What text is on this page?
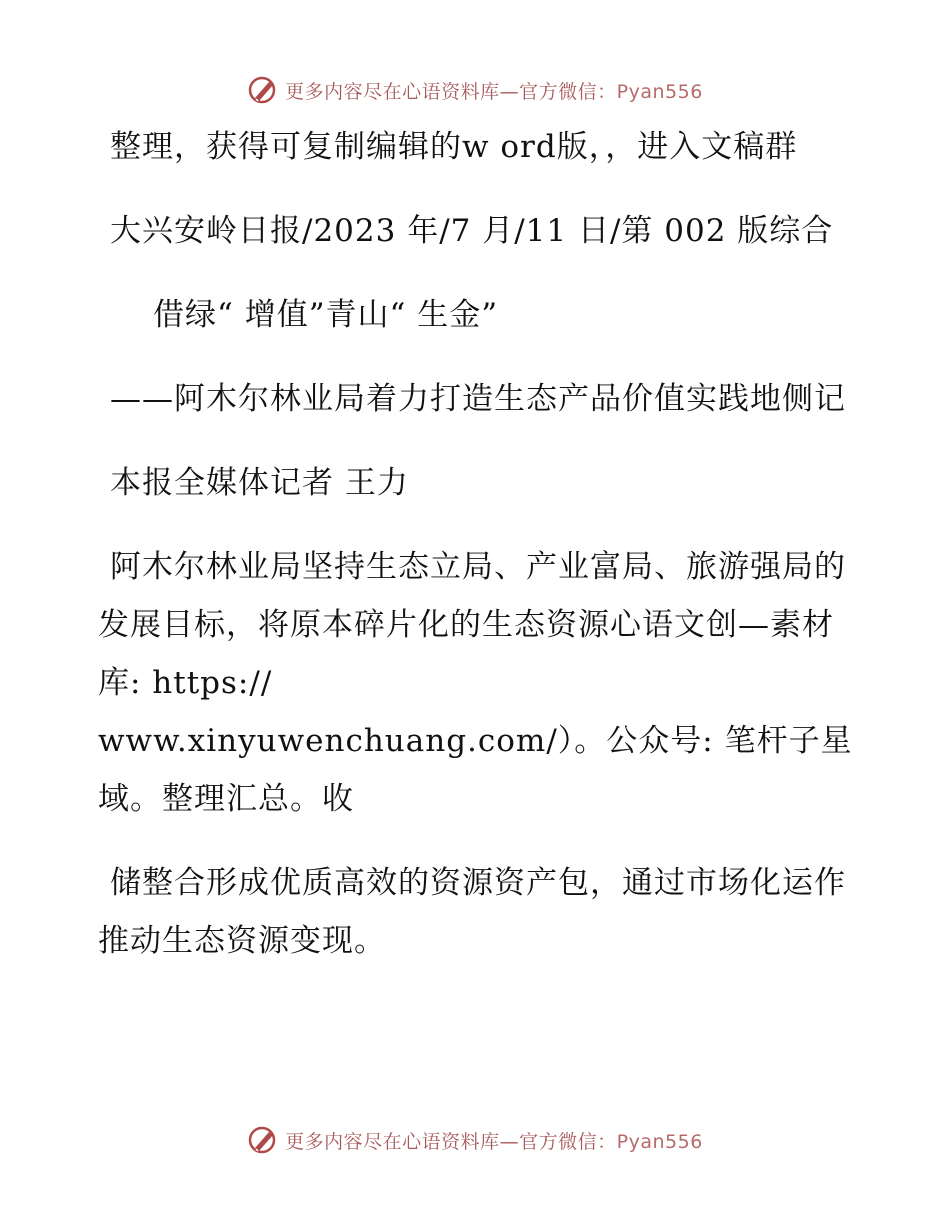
更多内容尽在心语资料库—官方微信：Pyan556

整理，获得可复制编辑的w ord版，，进入文稿群

大兴安岭日报/2023 年/7 月/11 日/第 002 版综合

借绿“ 增值”青山“ 生金”

——阿木尔林业局着力打造生态产品价值实践地侧记

本报全媒体记者 王力

阿木尔林业局坚持生态立局、产业富局、旅游强局的发展目标，将原本碎片化的生态资源心语文创—素材库: https://

www.xinyuwenchuang.com/）。公众号: 笔杆子星域。整理汇总。收

储整合形成优质高效的资源资产包，通过市场化运作推动生态资源变现。

更多内容尽在心语资料库—官方微信：Pyan556
